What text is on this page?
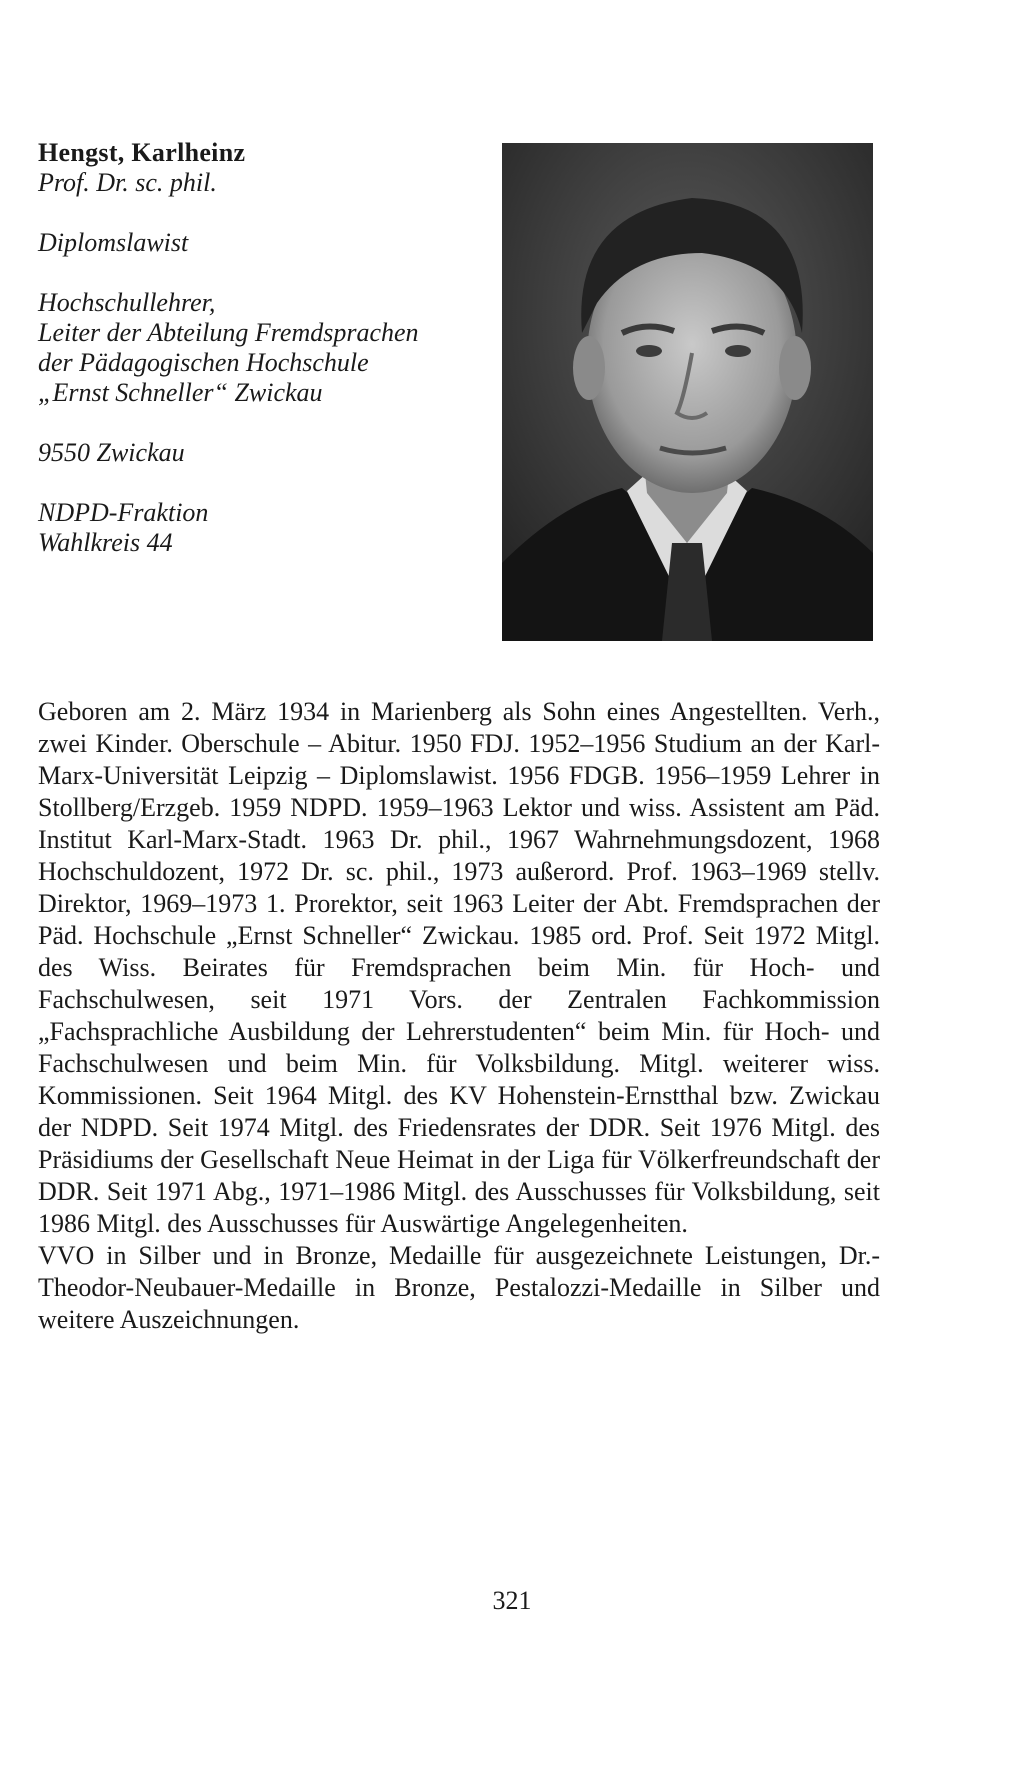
Hengst, Karlheinz
Prof. Dr. sc. phil.
Diplomslawist
Hochschullehrer,
Leiter der Abteilung Fremdsprachen
der Pädagogischen Hochschule
„Ernst Schneller“ Zwickau
9550 Zwickau
NDPD-Fraktion
Wahlkreis 44

Geboren am 2. März 1934 in Marienberg als Sohn eines Angestellten. Verh., zwei Kinder. Oberschule – Abitur. 1950 FDJ. 1952–1956 Studium an der Karl-Marx-Universität Leipzig – Diplomslawist. 1956 FDGB. 1956–1959 Lehrer in Stollberg/Erzgeb. 1959 NDPD. 1959–1963 Lektor und wiss. Assistent am Päd. Institut Karl-Marx-Stadt. 1963 Dr. phil., 1967 Wahrnehmungsdozent, 1968 Hochschuldozent, 1972 Dr. sc. phil., 1973 außerord. Prof. 1963–1969 stellv. Direktor, 1969–1973 1. Prorektor, seit 1963 Leiter der Abt. Fremdsprachen der Päd. Hochschule „Ernst Schneller“ Zwickau. 1985 ord. Prof. Seit 1972 Mitgl. des Wiss. Beirates für Fremdsprachen beim Min. für Hoch- und Fachschulwesen, seit 1971 Vors. der Zentralen Fachkommission „Fachsprachliche Ausbildung der Lehrerstudenten“ beim Min. für Hoch- und Fachschulwesen und beim Min. für Volksbildung. Mitgl. weiterer wiss. Kommissionen. Seit 1964 Mitgl. des KV Hohenstein-Ernstthal bzw. Zwickau der NDPD. Seit 1974 Mitgl. des Friedensrates der DDR. Seit 1976 Mitgl. des Präsidiums der Gesellschaft Neue Heimat in der Liga für Völkerfreundschaft der DDR. Seit 1971 Abg., 1971–1986 Mitgl. des Ausschusses für Volksbildung, seit 1986 Mitgl. des Ausschusses für Auswärtige Angelegenheiten.

VVO in Silber und in Bronze, Medaille für ausgezeichnete Leistungen, Dr.-Theodor-Neubauer-Medaille in Bronze, Pestalozzi-Medaille in Silber und weitere Auszeichnungen.

321
